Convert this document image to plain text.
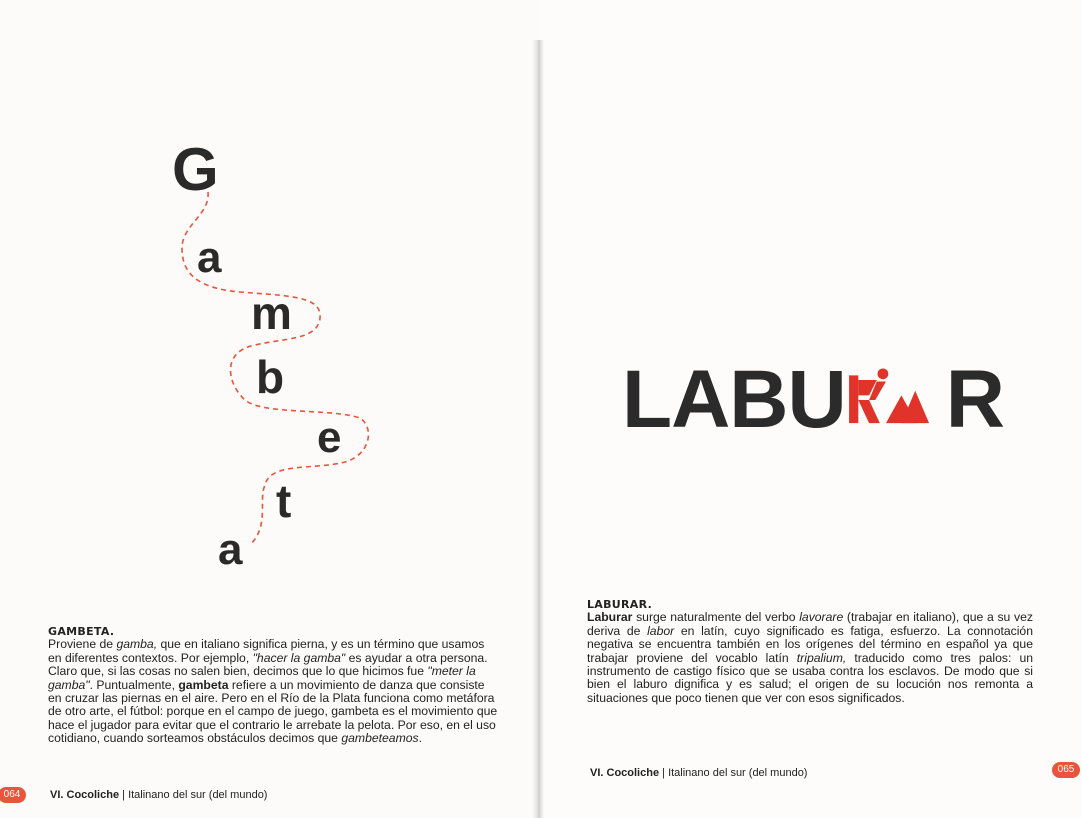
G
a
m
b
e
t
a
GAMBETA.

Proviene de gamba, que en italiano significa pierna, y es un término que usamos en diferentes contextos. Por ejemplo, "hacer la gamba" es ayudar a otra persona. Claro que, si las cosas no salen bien, decimos que lo que hicimos fue "meter la gamba". Puntualmente, gambeta refiere a un movimiento de danza que consiste en cruzar las piernas en el aire. Pero en el Río de la Plata funciona como metáfora de otro arte, el fútbol: porque en el campo de juego, gambeta es el movimiento que hace el jugador para evitar que el contrario le arrebate la pelota. Por eso, en el uso cotidiano, cuando sorteamos obstáculos decimos que gambeteamos.

064	VI. Cocoliche | Italinano del sur (del mundo)
LABU R
LABURAR.

Laburar surge naturalmente del verbo lavorare (trabajar en italiano), que a su vez deriva de labor en latín, cuyo significado es fatiga, esfuerzo. La connotación negativa se encuentra también en los orígenes del término en español ya que trabajar proviene del vocablo latín tripalium, traducido como tres palos: un instrumento de castigo físico que se usaba contra los esclavos. De modo que si bien el laburo dignifica y es salud; el origen de su locución nos remonta a situaciones que poco tienen que ver con esos significados.

VI. Cocoliche | Italinano del sur (del mundo)	065
